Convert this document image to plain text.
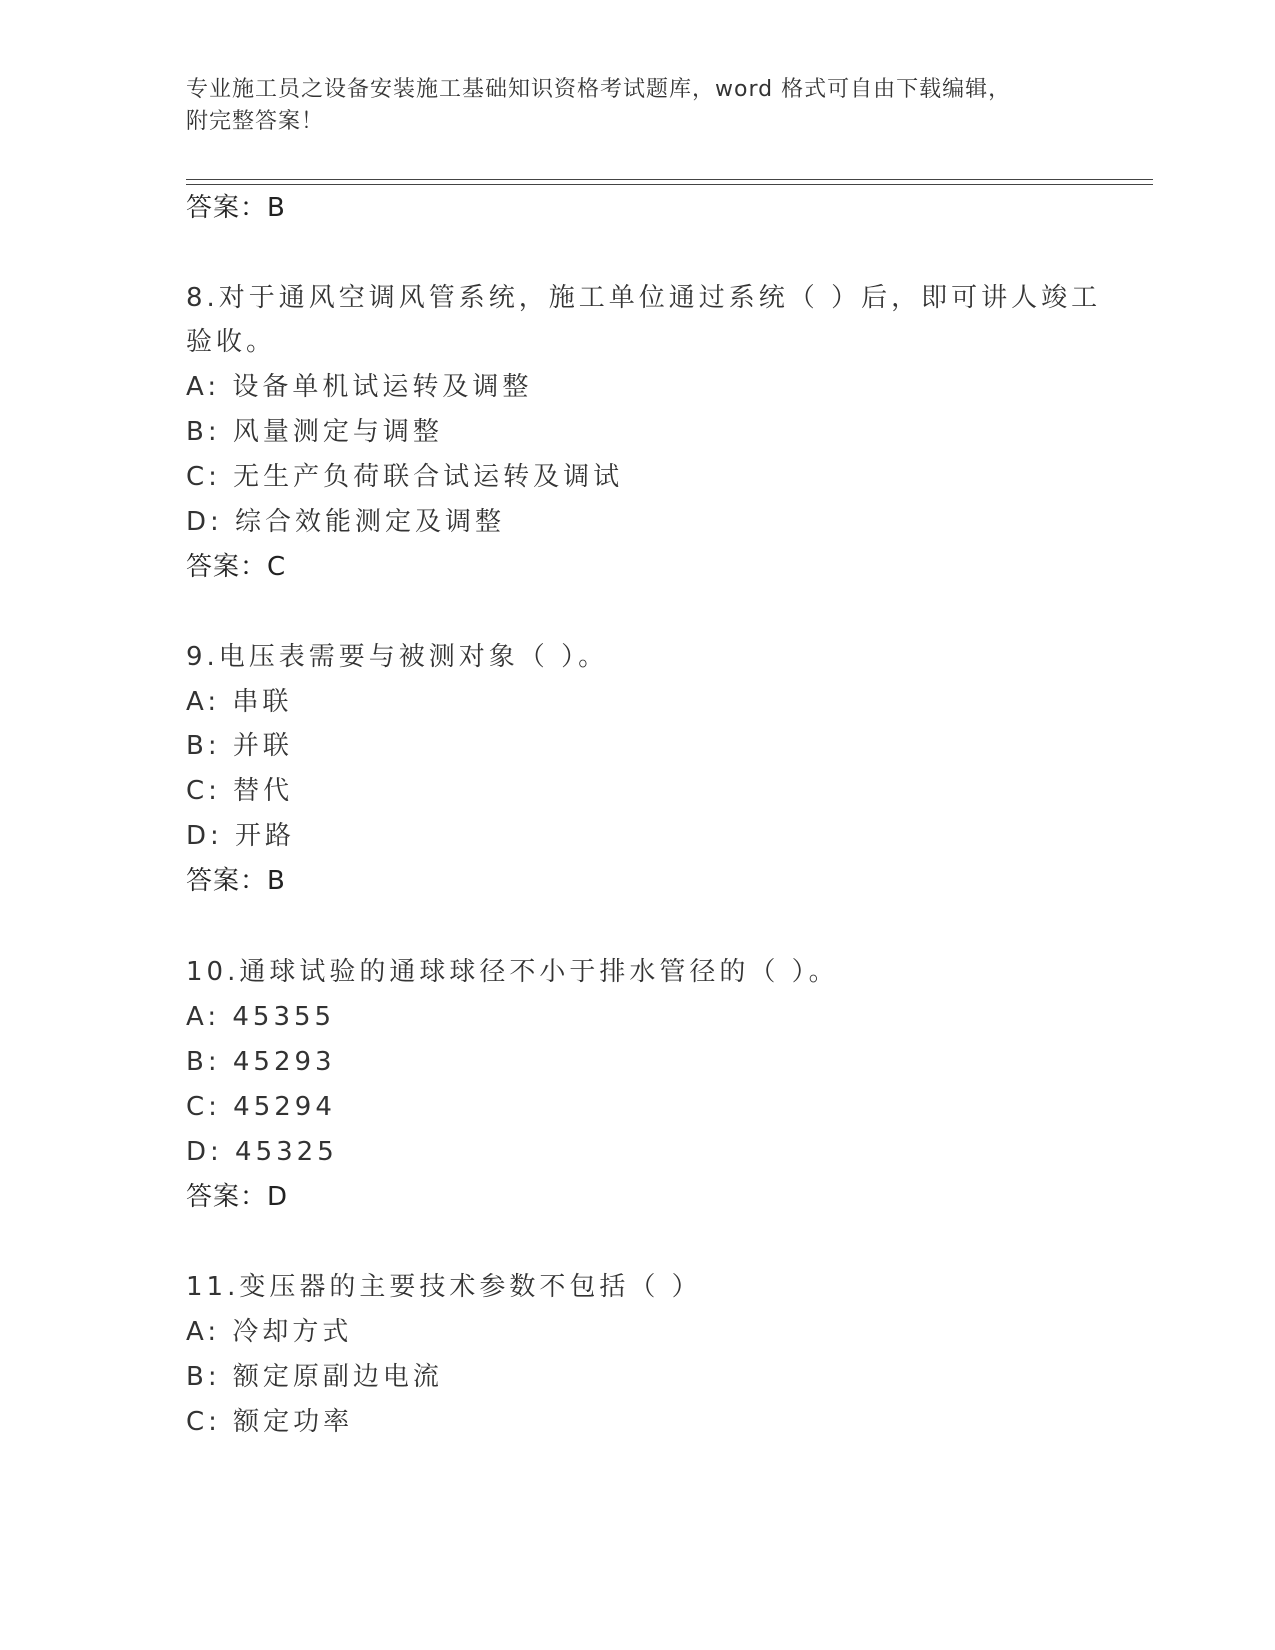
专业施工员之设备安装施工基础知识资格考试题库，word 格式可自由下载编辑，
附完整答案！
答案：B
8.对于通风空调风管系统，施工单位通过系统（ ）后，即可讲人竣工
验收。
A: 设备单机试运转及调整
B: 风量测定与调整
C: 无生产负荷联合试运转及调试
D: 综合效能测定及调整
答案：C
9.电压表需要与被测对象（ ）。
A: 串联
B: 并联
C: 替代
D: 开路
答案：B
10.通球试验的通球球径不小于排水管径的（ ）。
A: 45355
B: 45293
C: 45294
D: 45325
答案：D
11.变压器的主要技术参数不包括（ ）
A: 冷却方式
B: 额定原副边电流
C: 额定功率
